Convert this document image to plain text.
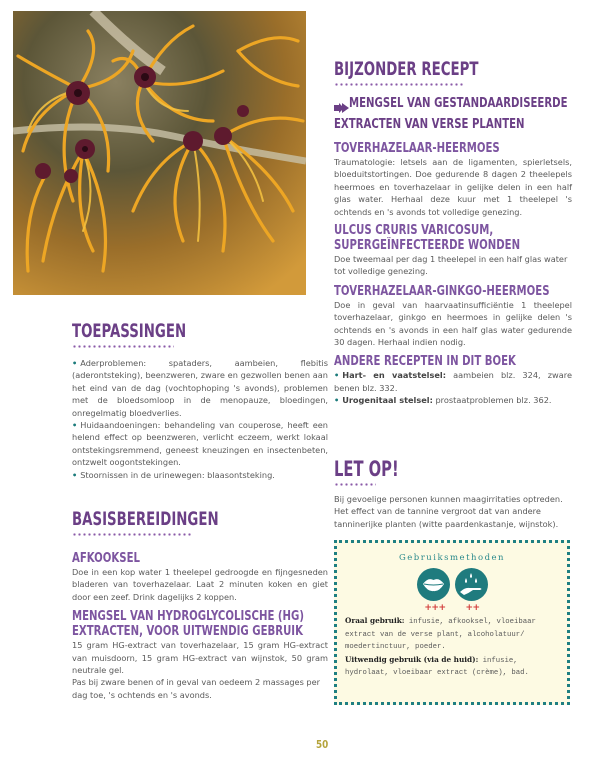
TOEPASSINGEN

• Aderproblemen: spataders, aambeien, flebitis (aderontsteking), beenzweren, zware en gezwollen benen aan het eind van de dag (vochtophoping 's avonds), problemen met de bloedsomloop in de menopauze, bloedingen, onregelmatig bloedverlies.

• Huidaandoeningen: behandeling van couperose, heeft een helend effect op beenzweren, verlicht eczeem, werkt lokaal ontstekingsremmend, geneest kneuzingen en insectenbeten, ontzwelt oogontstekingen.

• Stoornissen in de urinewegen: blaasontsteking.

BASISBEREIDINGEN
AFKOOKSEL

Doe in een kop water 1 theelepel gedroogde en fijngesneden bladeren van toverhazelaar. Laat 2 minuten koken en giet door een zeef. Drink dagelijks 2 koppen.

MENGSEL VAN HYDROGLYCOLISCHE (HG)
EXTRACTEN, VOOR UITWENDIG GEBRUIK

15 gram HG-extract van toverhazelaar, 15 gram HG-extract van muisdoorn, 15 gram HG-extract van wijnstok, 50 gram neutrale gel.

Pas bij zware benen of in geval van oedeem 2 massages per dag toe, 's ochtends en 's avonds.

BIJZONDER RECEPT
MENGSEL VAN GESTANDAARDISEERDE
EXTRACTEN VAN VERSE PLANTEN
TOVERHAZELAAR-HEERMOES

Traumatologie: letsels aan de ligamenten, spierletsels, bloeduitstortingen. Doe gedurende 8 dagen 2 theelepels heermoes en toverhazelaar in gelijke delen in een half glas water. Herhaal deze kuur met 1 theelepel 's ochtends en 's avonds tot volledige genezing.

ULCUS CRURIS VARICOSUM,
SUPERGEÏNFECTEERDE WONDEN

Doe tweemaal per dag 1 theelepel in een half glas water tot volledige genezing.

TOVERHAZELAAR-GINKGO-HEERMOES

Doe in geval van haarvaatinsufficiëntie 1 theelepel toverhazelaar, ginkgo en heermoes in gelijke delen 's ochtends en 's avonds in een half glas water gedurende 30 dagen. Herhaal indien nodig.

ANDERE RECEPTEN IN DIT BOEK

• Hart- en vaatstelsel: aambeien blz. 324, zware benen blz. 332.

• Urogenitaal stelsel: prostaatproblemen blz. 362.

LET OP!

Bij gevoelige personen kunnen maagirritaties optreden. Het effect van de tannine vergroot dat van andere tanninerijke planten (witte paardenkastanje, wijnstok).

Gebruiksmethoden
+++ ++
Oraal gebruik: infusie, afkooksel, vloeibaar extract van de verse plant, alcoholatuur/ moedertinctuur, poeder.
Uitwendig gebruik (via de huid): infusie, hydrolaat, vloeibaar extract (crème), bad.
50
